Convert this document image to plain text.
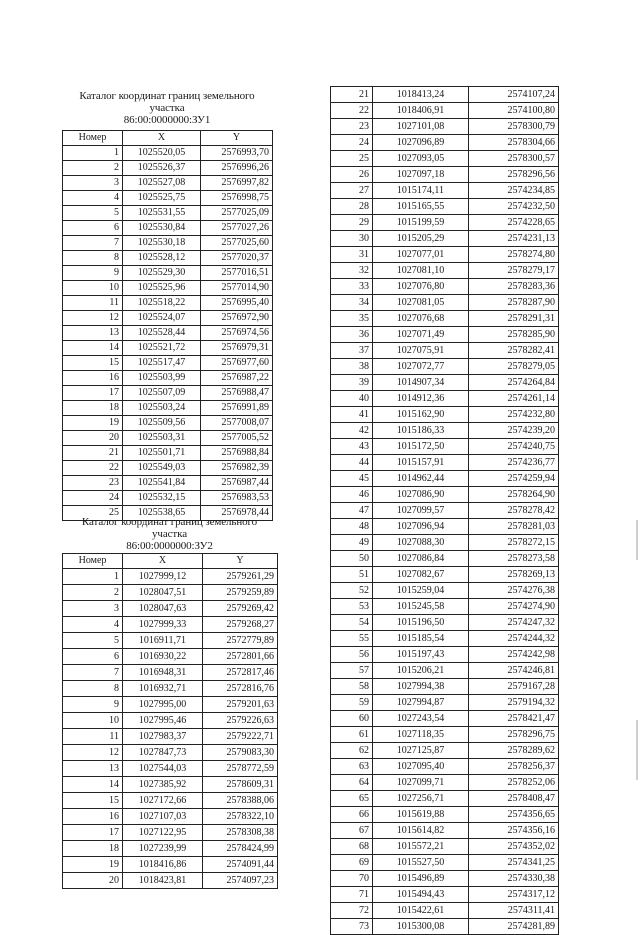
Каталог координат границ земельного
участка
86:00:0000000:ЗУ1
Номер	X	Y
1	1025520,05	2576993,70
2	1025526,37	2576996,26
3	1025527,08	2576997,82
4	1025525,75	2576998,75
5	1025531,55	2577025,09
6	1025530,84	2577027,26
7	1025530,18	2577025,60
8	1025528,12	2577020,37
9	1025529,30	2577016,51
10	1025525,96	2577014,90
11	1025518,22	2576995,40
12	1025524,07	2576972,90
13	1025528,44	2576974,56
14	1025521,72	2576979,31
15	1025517,47	2576977,60
16	1025503,99	2576987,22
17	1025507,09	2576988,47
18	1025503,24	2576991,89
19	1025509,56	2577008,07
20	1025503,31	2577005,52
21	1025501,71	2576988,84
22	1025549,03	2576982,39
23	1025541,84	2576987,44
24	1025532,15	2576983,53
25	1025538,65	2576978,44
Каталог координат границ земельного
участка
86:00:0000000:ЗУ2
Номер	X	Y
1	1027999,12	2579261,29
2	1028047,51	2579259,89
3	1028047,63	2579269,42
4	1027999,33	2579268,27
5	1016911,71	2572779,89
6	1016930,22	2572801,66
7	1016948,31	2572817,46
8	1016932,71	2572816,76
9	1027995,00	2579201,63
10	1027995,46	2579226,63
11	1027983,37	2579222,71
12	1027847,73	2579083,30
13	1027544,03	2578772,59
14	1027385,92	2578609,31
15	1027172,66	2578388,06
16	1027107,03	2578322,10
17	1027122,95	2578308,38
18	1027239,99	2578424,99
19	1018416,86	2574091,44
20	1018423,81	2574097,23
21	1018413,24	2574107,24
22	1018406,91	2574100,80
23	1027101,08	2578300,79
24	1027096,89	2578304,66
25	1027093,05	2578300,57
26	1027097,18	2578296,56
27	1015174,11	2574234,85
28	1015165,55	2574232,50
29	1015199,59	2574228,65
30	1015205,29	2574231,13
31	1027077,01	2578274,80
32	1027081,10	2578279,17
33	1027076,80	2578283,36
34	1027081,05	2578287,90
35	1027076,68	2578291,31
36	1027071,49	2578285,90
37	1027075,91	2578282,41
38	1027072,77	2578279,05
39	1014907,34	2574264,84
40	1014912,36	2574261,14
41	1015162,90	2574232,80
42	1015186,33	2574239,20
43	1015172,50	2574240,75
44	1015157,91	2574236,77
45	1014962,44	2574259,94
46	1027086,90	2578264,90
47	1027099,57	2578278,42
48	1027096,94	2578281,03
49	1027088,30	2578272,15
50	1027086,84	2578273,58
51	1027082,67	2578269,13
52	1015259,04	2574276,38
53	1015245,58	2574274,90
54	1015196,50	2574247,32
55	1015185,54	2574244,32
56	1015197,43	2574242,98
57	1015206,21	2574246,81
58	1027994,38	2579167,28
59	1027994,87	2579194,32
60	1027243,54	2578421,47
61	1027118,35	2578296,75
62	1027125,87	2578289,62
63	1027095,40	2578256,37
64	1027099,71	2578252,06
65	1027256,71	2578408,47
66	1015619,88	2574356,65
67	1015614,82	2574356,16
68	1015572,21	2574352,02
69	1015527,50	2574341,25
70	1015496,89	2574330,38
71	1015494,43	2574317,12
72	1015422,61	2574311,41
73	1015300,08	2574281,89
